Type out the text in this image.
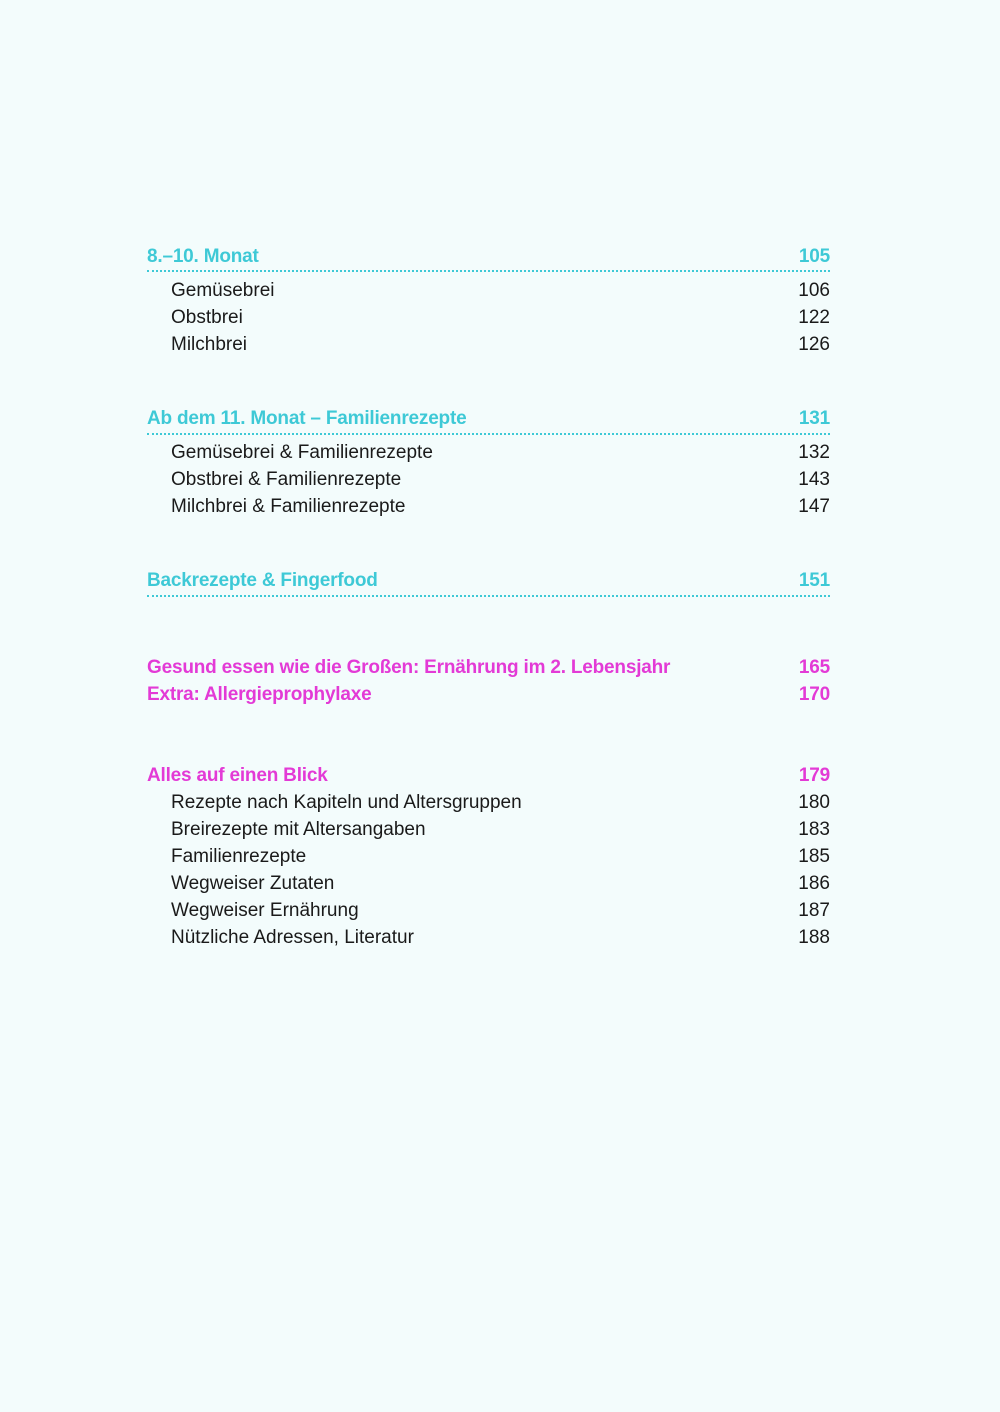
8.–10. Monat	105
Gemüsebrei	106
Obstbrei	122
Milchbrei	126
Ab dem 11. Monat – Familienrezepte	131
Gemüsebrei & Familienrezepte	132
Obstbrei & Familienrezepte	143
Milchbrei & Familienrezepte	147
Backrezepte & Fingerfood	151
Gesund essen wie die Großen: Ernährung im 2. Lebensjahr	165
Extra: Allergieprophylaxe	170
Alles auf einen Blick	179
Rezepte nach Kapiteln und Altersgruppen	180
Breirezepte mit Altersangaben	183
Familienrezepte	185
Wegweiser Zutaten	186
Wegweiser Ernährung	187
Nützliche Adressen, Literatur	188
